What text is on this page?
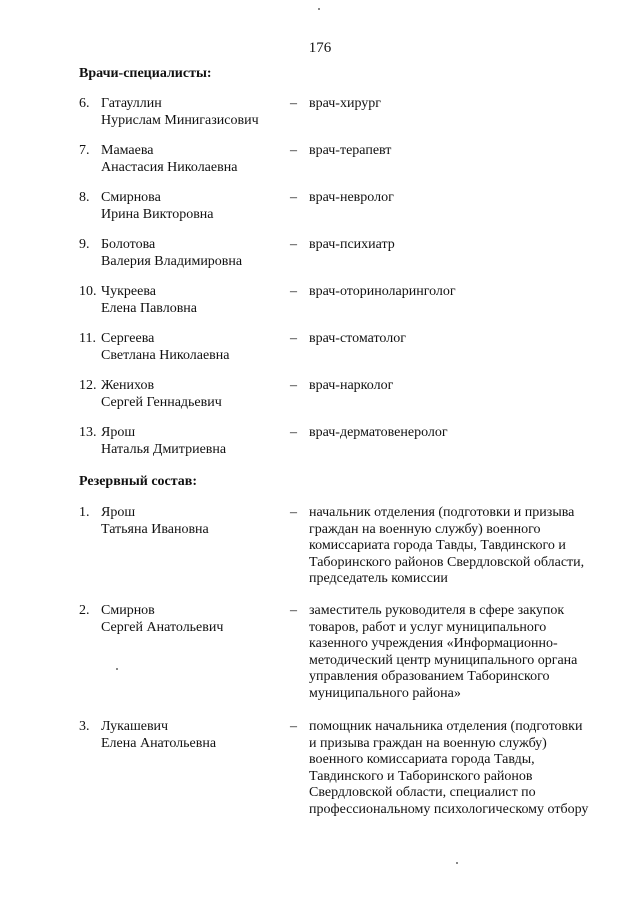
176
Врачи-специалисты:
6. Гатауллин
Нурислам Минигазисович
– врач-хирург
7. Мамаева
Анастасия Николаевна
– врач-терапевт
8. Смирнова
Ирина Викторовна
– врач-невролог
9. Болотова
Валерия Владимировна
– врач-психиатр
10. Чукреева
Елена Павловна
– врач-оториноларинголог
11. Сергеева
Светлана Николаевна
– врач-стоматолог
12. Женихов
Сергей Геннадьевич
– врач-нарколог
13. Ярош
Наталья Дмитриевна
– врач-дерматовенеролог
Резервный состав:
1. Ярош
Татьяна Ивановна
– начальник отделения (подготовки и призыва
граждан на военную службу) военного
комиссариата города Тавды, Тавдинского и
Таборинского районов Свердловской области,
председатель комиссии
2. Смирнов
Сергей Анатольевич
– заместитель руководителя в сфере закупок
товаров, работ и услуг муниципального
казенного учреждения «Информационно-
методический центр муниципального органа
управления образованием Таборинского
муниципального района»
3. Лукашевич
Елена Анатольевна
– помощник начальника отделения (подготовки
и призыва граждан на военную службу)
военного комиссариата города Тавды,
Тавдинского и Таборинского районов
Свердловской области, специалист по
профессиональному психологическому отбору
